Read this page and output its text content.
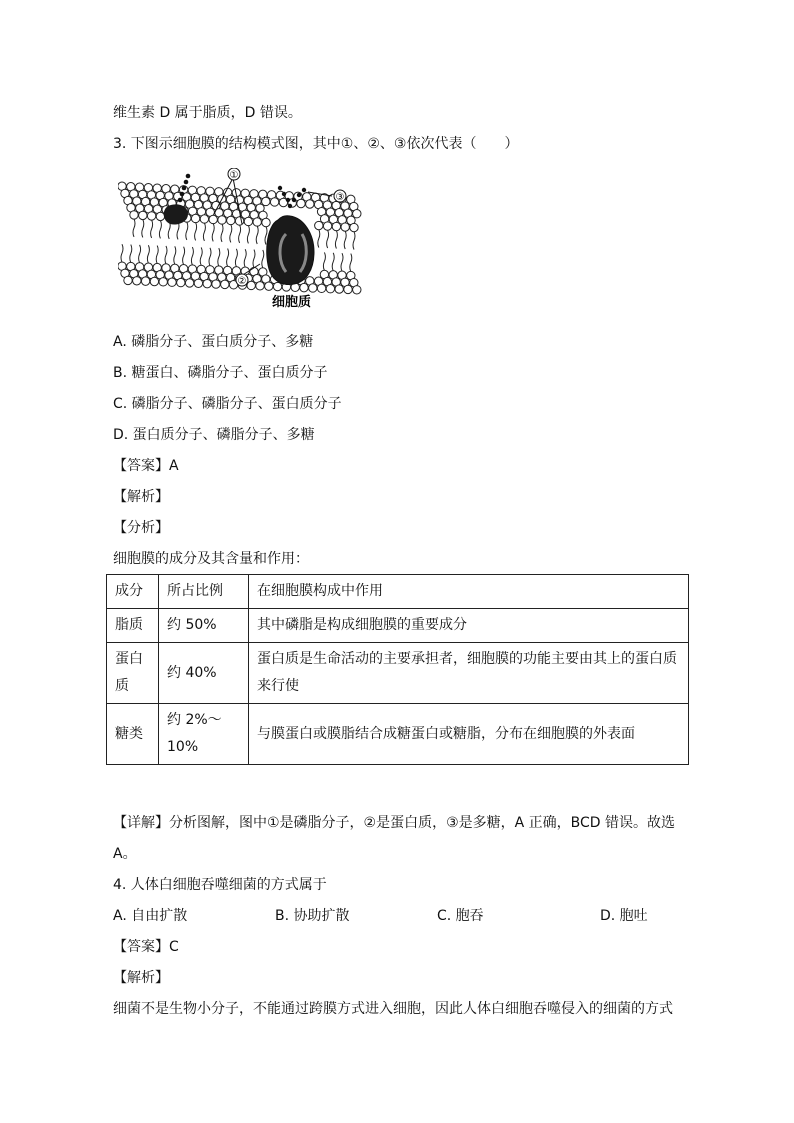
维生素 D 属于脂质，D 错误。
3. 下图示细胞膜的结构模式图，其中①、②、③依次代表（　　）
①
②
③
细胞质
A. 磷脂分子、蛋白质分子、多糖
B. 糖蛋白、磷脂分子、蛋白质分子
C. 磷脂分子、磷脂分子、蛋白质分子
D. 蛋白质分子、磷脂分子、多糖
【答案】A
【解析】
【分析】
细胞膜的成分及其含量和作用：
成分	所占比例	在细胞膜构成中作用
脂质	约 50%	其中磷脂是构成细胞膜的重要成分
蛋白质	约 40%	蛋白质是生命活动的主要承担者，细胞膜的功能主要由其上的蛋白质来行使
糖类	约 2%～10%	与膜蛋白或膜脂结合成糖蛋白或糖脂，分布在细胞膜的外表面
【详解】分析图解，图中①是磷脂分子，②是蛋白质，③是多糖，A 正确，BCD 错误。故选
A。
4. 人体白细胞吞噬细菌的方式属于
A. 自由扩散	B. 协助扩散	C. 胞吞	D. 胞吐
【答案】C
【解析】
细菌不是生物小分子，不能通过跨膜方式进入细胞，因此人体白细胞吞噬侵入的细菌的方式
